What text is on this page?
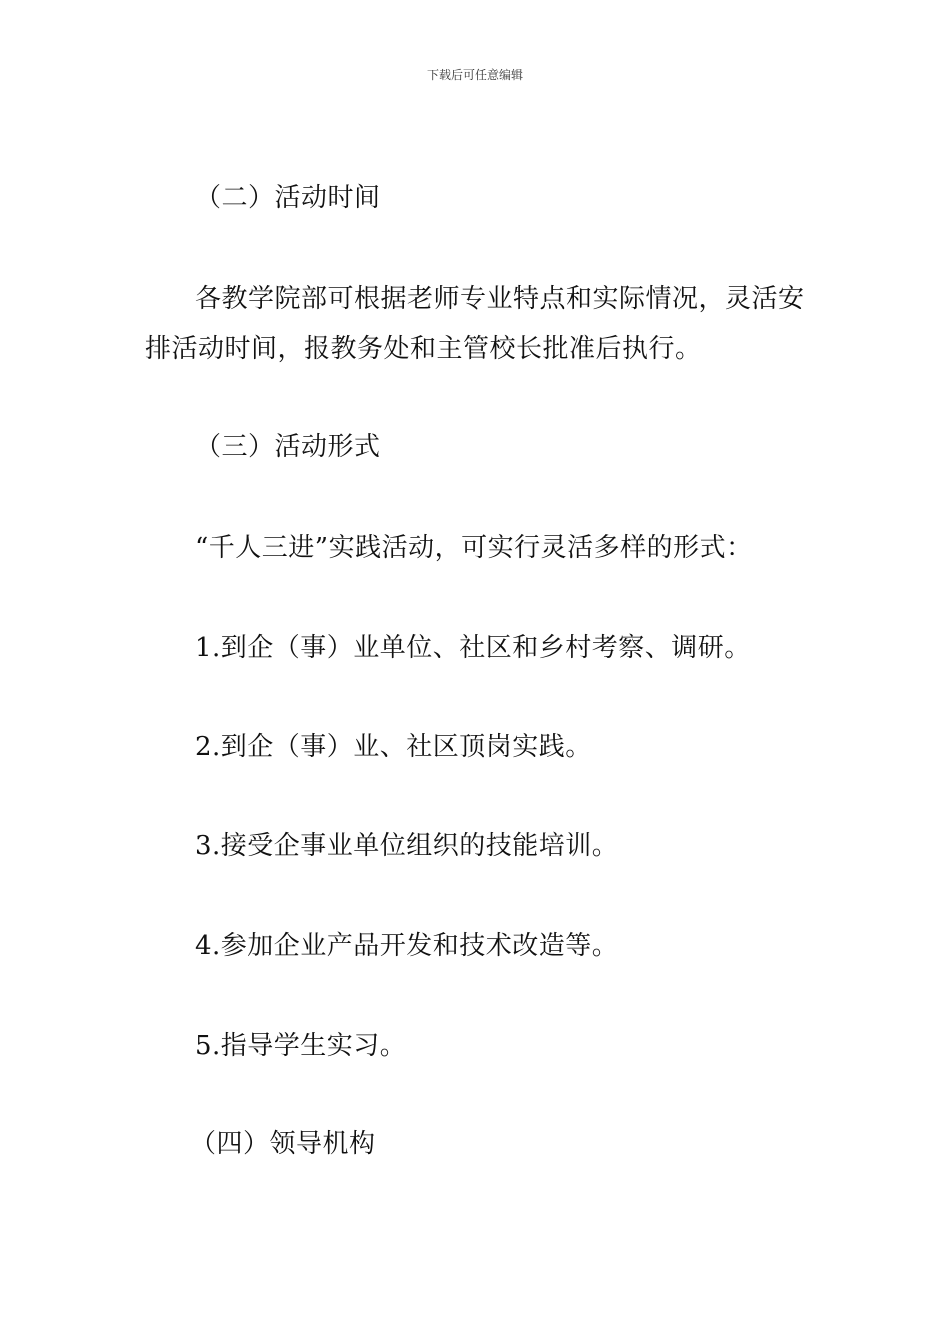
下载后可任意编辑
（二）活动时间
各教学院部可根据老师专业特点和实际情况，灵活安
排活动时间，报教务处和主管校长批准后执行。
（三）活动形式
“千人三进”实践活动，可实行灵活多样的形式：
1.到企（事）业单位、社区和乡村考察、调研。
2.到企（事）业、社区顶岗实践。
3.接受企事业单位组织的技能培训。
4.参加企业产品开发和技术改造等。
5.指导学生实习。
（四）领导机构
